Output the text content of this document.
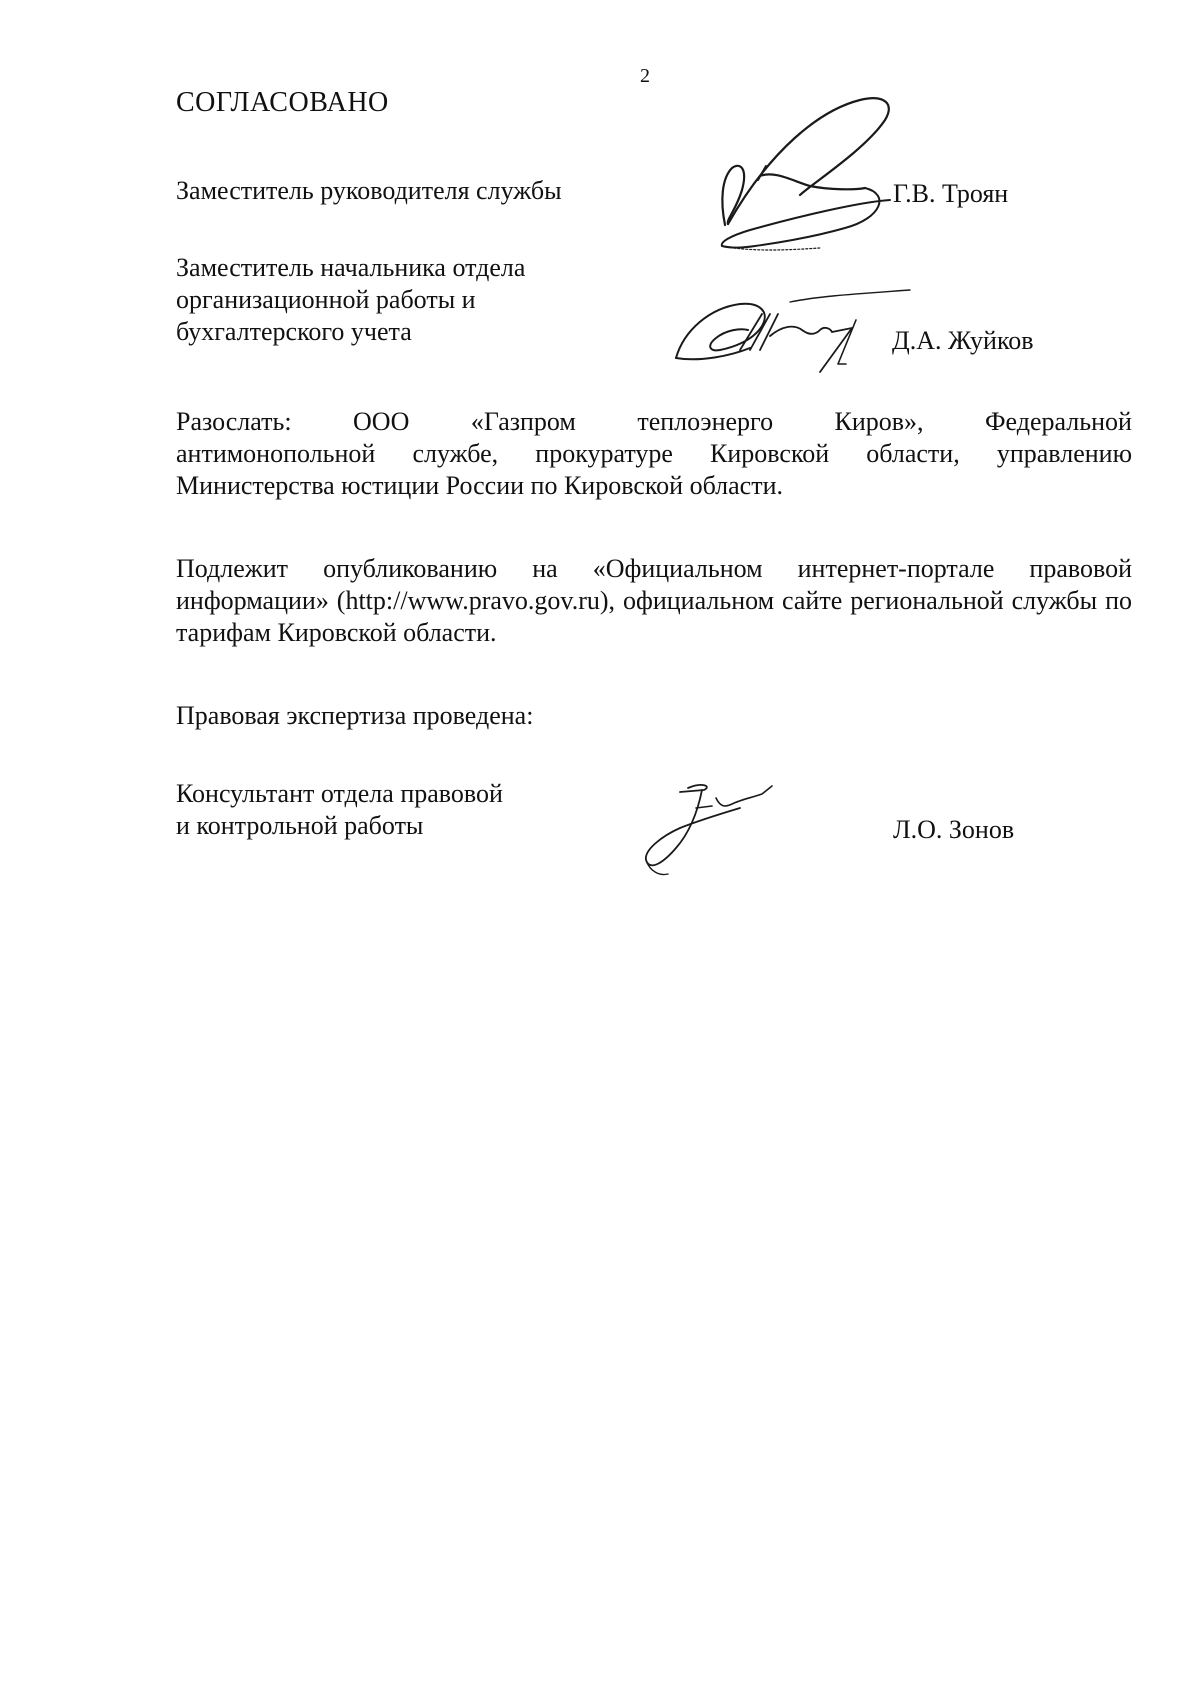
2
СОГЛАСОВАНО
Заместитель руководителя службы	Г.В. Троян
Заместитель начальника отдела
организационной работы и
бухгалтерского учета	Д.А. Жуйков
Разослать: ООО «Газпром теплоэнерго Киров», Федеральной
антимонопольной службе, прокуратуре Кировской области, управлению Министерства юстиции России по Кировской области.
Подлежит опубликованию на «Официальном интернет-портале правовой информации» (http://www.pravo.gov.ru), официальном сайте региональной службы по тарифам Кировской области.
Правовая экспертиза проведена:
Консультант отдела правовой
и контрольной работы	Л.О. Зонов
